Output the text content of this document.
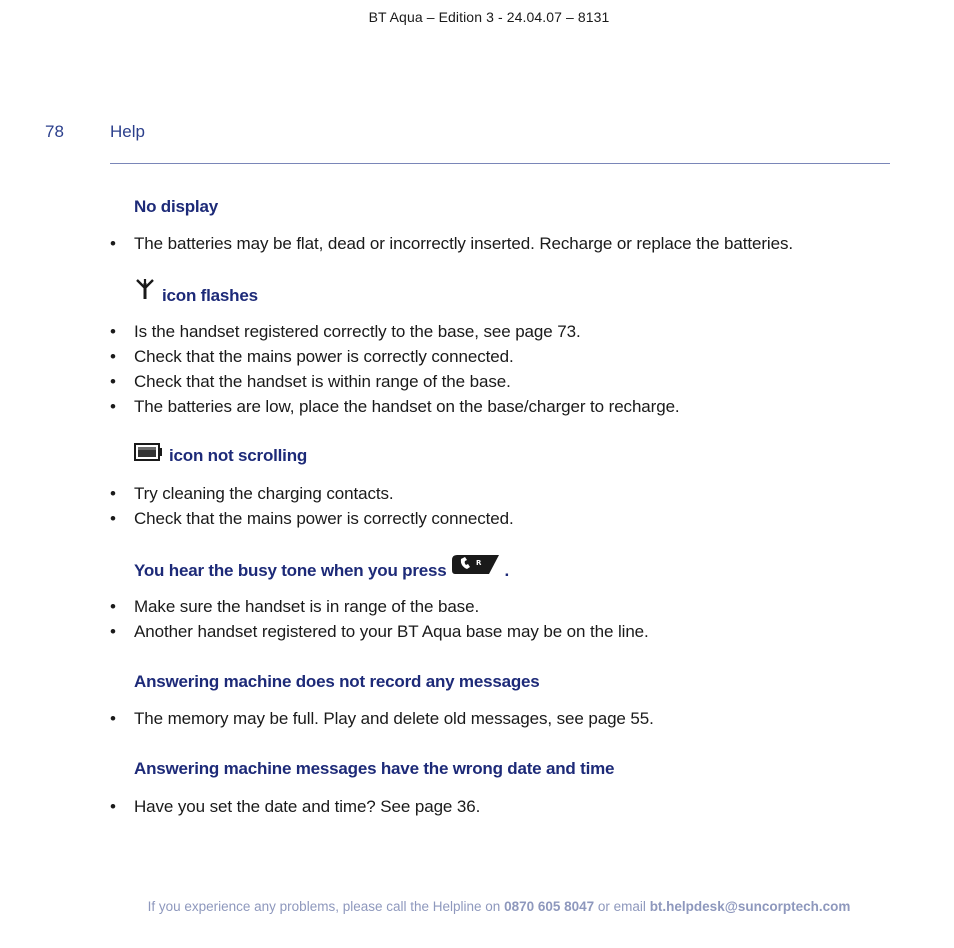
BT Aqua – Edition 3 - 24.04.07 – 8131
78	Help
No display
• The batteries may be flat, dead or incorrectly inserted. Recharge or replace the batteries.
icon flashes
• Is the handset registered correctly to the base, see page 73.
• Check that the mains power is correctly connected.
• Check that the handset is within range of the base.
• The batteries are low, place the handset on the base/charger to recharge.
icon not scrolling
• Try cleaning the charging contacts.
• Check that the mains power is correctly connected.
You hear the busy tone when you press	R .
• Make sure the handset is in range of the base.
• Another handset registered to your BT Aqua base may be on the line.
Answering machine does not record any messages
• The memory may be full. Play and delete old messages, see page 55.
Answering machine messages have the wrong date and time
• Have you set the date and time? See page 36.
If you experience any problems, please call the Helpline on 0870 605 8047 or email bt.helpdesk@suncorptech.com
